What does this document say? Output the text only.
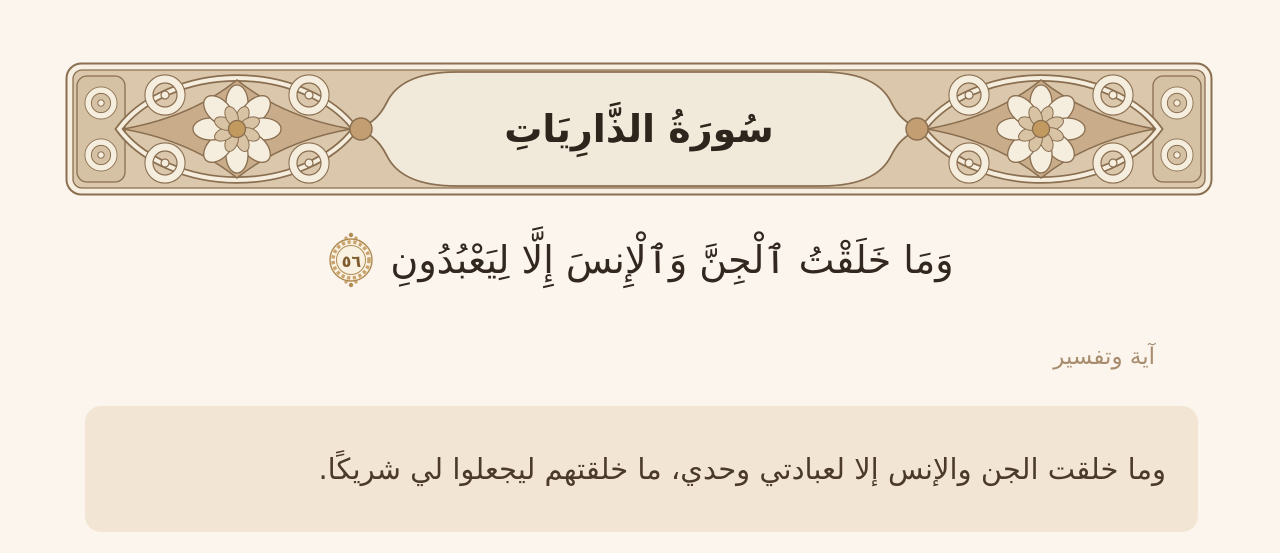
سُورَةُ الذَّارِيَاتِ
وَمَا خَلَقْتُ ٱلْجِنَّ وَٱلْإِنسَ إِلَّا لِيَعْبُدُونِ
٥٦
آية وتفسير

وما خلقت الجن والإنس إلا لعبادتي وحدي، ما خلقتهم ليجعلوا لي شريكًا.
